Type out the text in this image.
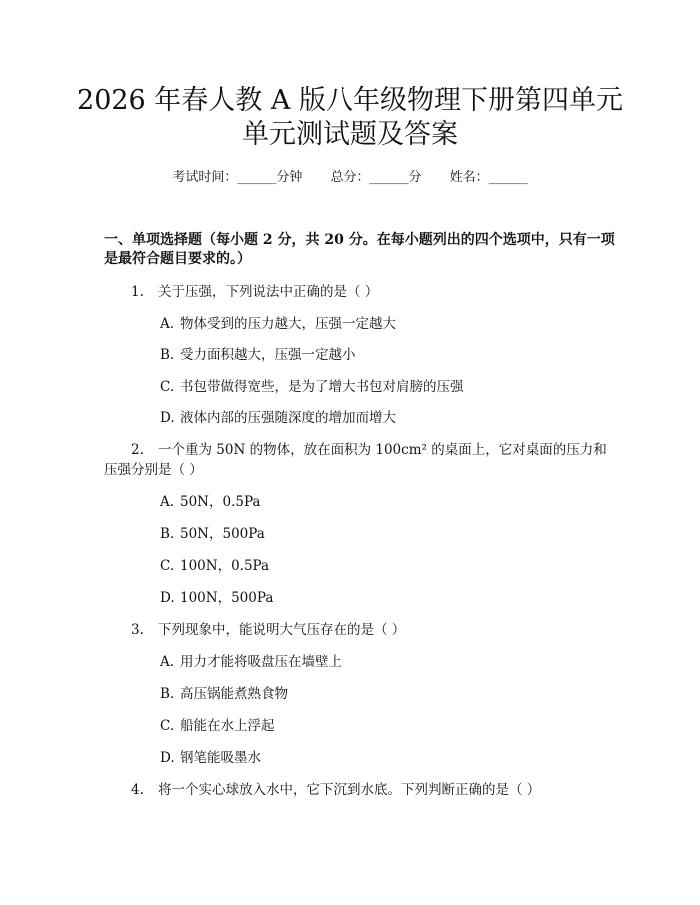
2026 年春人教 A 版八年级物理下册第四单元
单元测试题及答案
考试时间：______分钟 总分：______分 姓名：______
一、单项选择题（每小题 2 分，共 20 分。在每小题列出的四个选项中，只有一项
是最符合题目要求的。）
1. 关于压强，下列说法中正确的是（ ）
A. 物体受到的压力越大，压强一定越大
B. 受力面积越大，压强一定越小
C. 书包带做得宽些，是为了增大书包对肩膀的压强
D. 液体内部的压强随深度的增加而增大
2. 一个重为 50N 的物体，放在面积为 100cm² 的桌面上，它对桌面的压力和
压强分别是（ ）
A. 50N，0.5Pa
B. 50N，500Pa
C. 100N，0.5Pa
D. 100N，500Pa
3. 下列现象中，能说明大气压存在的是（ ）
A. 用力才能将吸盘压在墙壁上
B. 高压锅能煮熟食物
C. 船能在水上浮起
D. 钢笔能吸墨水
4. 将一个实心球放入水中，它下沉到水底。下列判断正确的是（ ）
